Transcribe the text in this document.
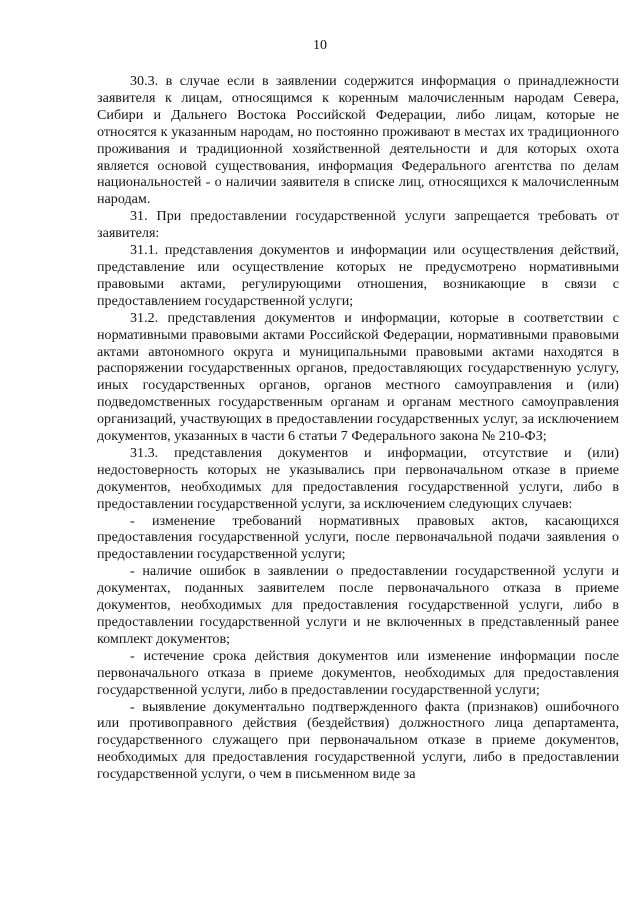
10

30.3. в случае если в заявлении содержится информация о принадлежности заявителя к лицам, относящимся к коренным малочисленным народам Севера, Сибири и Дальнего Востока Российской Федерации, либо лицам, которые не относятся к указанным народам, но постоянно проживают в местах их традиционного проживания и традиционной хозяйственной деятельности и для которых охота является основой существования, информация Федерального агентства по делам национальностей - о наличии заявителя в списке лиц, относящихся к малочисленным народам.

31. При предоставлении государственной услуги запрещается требовать от заявителя:

31.1. представления документов и информации или осуществления действий, представление или осуществление которых не предусмотрено нормативными правовыми актами, регулирующими отношения, возникающие в связи с предоставлением государственной услуги;

31.2. представления документов и информации, которые в соответствии с нормативными правовыми актами Российской Федерации, нормативными правовыми актами автономного округа и муниципальными правовыми актами находятся в распоряжении государственных органов, предоставляющих государственную услугу, иных государственных органов, органов местного самоуправления и (или) подведомственных государственным органам и органам местного самоуправления организаций, участвующих в предоставлении государственных услуг, за исключением документов, указанных в части 6 статьи 7 Федерального закона № 210-ФЗ;

31.3. представления документов и информации, отсутствие и (или) недостоверность которых не указывались при первоначальном отказе в приеме документов, необходимых для предоставления государственной услуги, либо в предоставлении государственной услуги, за исключением следующих случаев:

- изменение требований нормативных правовых актов, касающихся предоставления государственной услуги, после первоначальной подачи заявления о предоставлении государственной услуги;

- наличие ошибок в заявлении о предоставлении государственной услуги и документах, поданных заявителем после первоначального отказа в приеме документов, необходимых для предоставления государственной услуги, либо в предоставлении государственной услуги и не включенных в представленный ранее комплект документов;

- истечение срока действия документов или изменение информации после первоначального отказа в приеме документов, необходимых для предоставления государственной услуги, либо в предоставлении государственной услуги;

- выявление документально подтвержденного факта (признаков) ошибочного или противоправного действия (бездействия) должностного лица департамента, государственного служащего при первоначальном отказе в приеме документов, необходимых для предоставления государственной услуги, либо в предоставлении государственной услуги, о чем в письменном виде за
